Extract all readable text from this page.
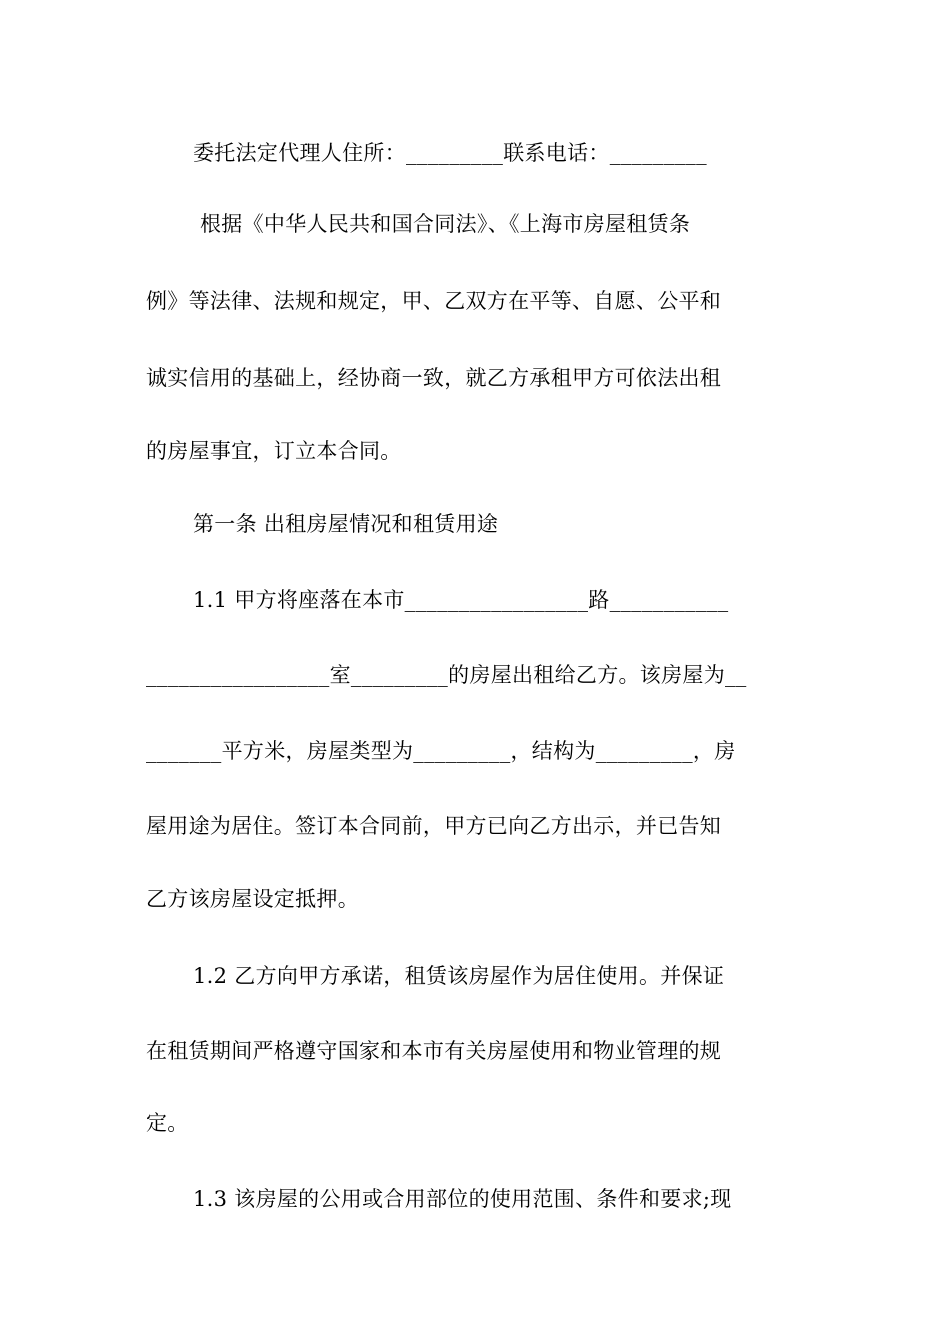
委托法定代理人住所：_________联系电话：_________
根据《中华人民共和国合同法》、《上海市房屋租赁条
例》等法律、法规和规定，甲、乙双方在平等、自愿、公平和
诚实信用的基础上，经协商一致，就乙方承租甲方可依法出租
的房屋事宜，订立本合同。
第一条 出租房屋情况和租赁用途
1.1 甲方将座落在本市_________________路___________
_________________室_________的房屋出租给乙方。该房屋为__
_______平方米，房屋类型为_________，结构为_________，房
屋用途为居住。签订本合同前，甲方已向乙方出示，并已告知
乙方该房屋设定抵押。
1.2 乙方向甲方承诺，租赁该房屋作为居住使用。并保证
在租赁期间严格遵守国家和本市有关房屋使用和物业管理的规
定。
1.3 该房屋的公用或合用部位的使用范围、条件和要求;现
